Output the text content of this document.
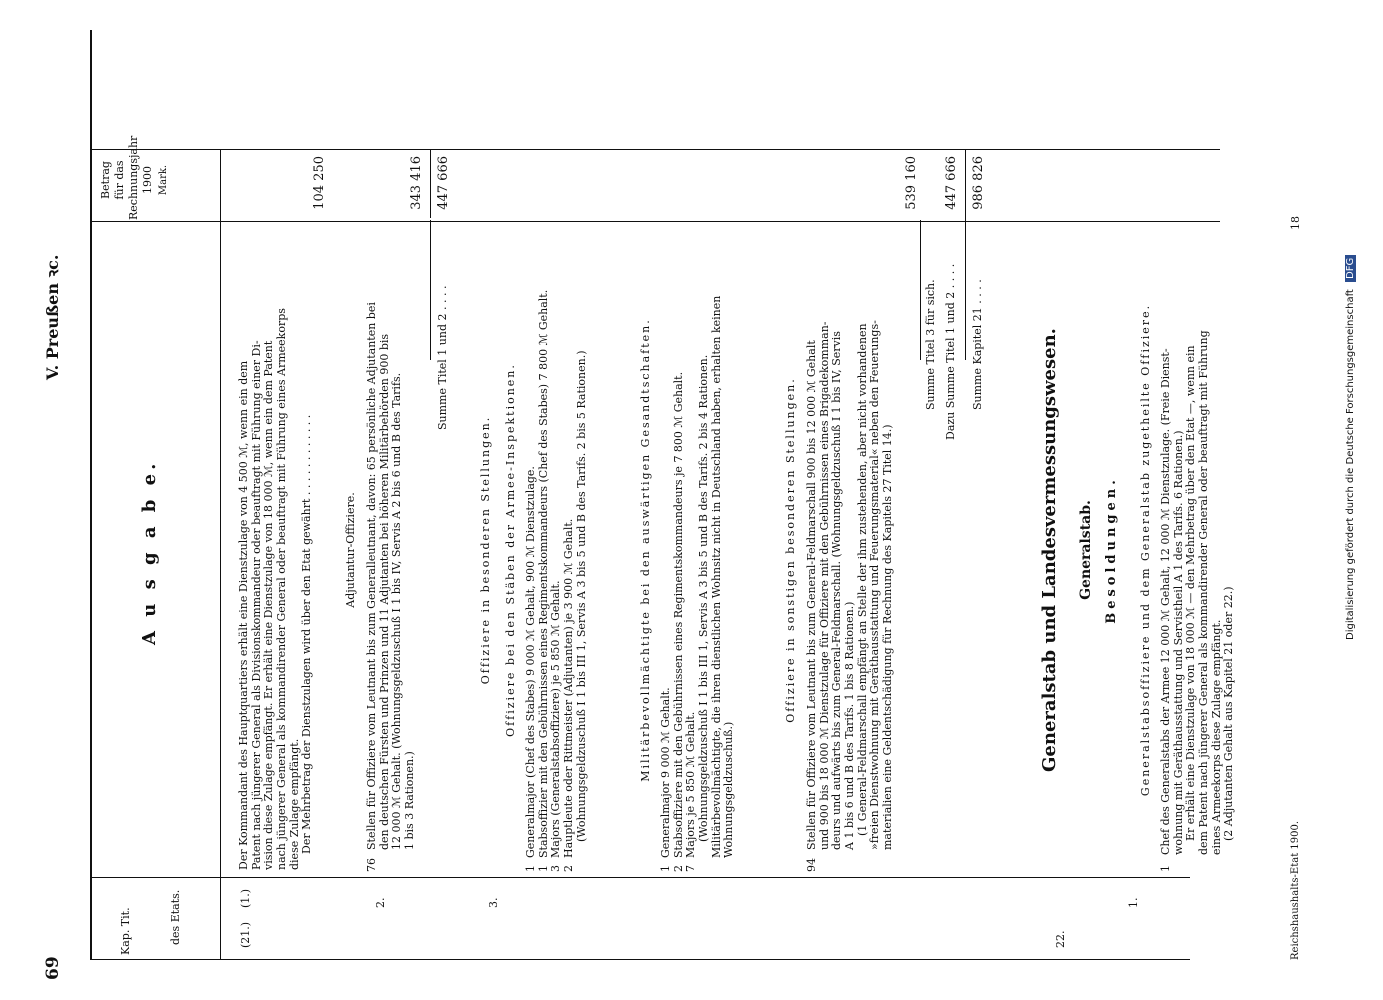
69
V. Preußen ꝛc.
A u s g a b e.
Kap. Tit.	des Etats.
Betrag für das Rechnungsjahr 1900 Mark.
(21.)
(1.)
Der Kommandant des Hauptquartiers erhält eine Dienstzulage von 4 500 ℳ, wenn ein dem Patent nach jüngerer General als Divisionskommandeur oder beauftragt mit Führung einer Di- vision diese Zulage empfängt. Er erhält eine Dienstzulage von 18 000 ℳ, wenn ein dem Patent nach jüngerer General als kommandirender General oder beauftragt mit Führung eines Armeekorps diese Zulage empfängt. Der Mehrbetrag der Dienstzulagen wird über den Etat gewährt . . . . . . . . . . . .
104 250
Adjutantur-Offiziere.
2.
76
Stellen für Offiziere vom Leutnant bis zum Generalleutnant, davon: 65 persönliche Adjutanten bei den deutschen Fürsten und Prinzen und 11 Adjutanten bei höheren Militärbehörden 900 bis 12 000 ℳ Gehalt. (Wohnungsgeldzuschuß I 1 bis IV, Servis A 2 bis 6 und B des Tarifs. 1 bis 3 Rationen.)
343 416
Summe Titel 1 und 2 . . . .
447 666
Offiziere in besonderen Stellungen.
3.
Offiziere bei den Stäben der Armee-Inspektionen.
1Generalmajor (Chef des Stabes) 9 000 ℳ Gehalt, 900 ℳ Dienstzulage.
1Stabsoffizier mit den Gebührnissen eines Regimentskommandeurs (Chef des Stabes) 7 800 ℳ Gehalt.
3Majors (Generalstabsoffiziere) je 5 850 ℳ Gehalt.
2Hauptleute oder Rittmeister (Adjutanten) je 3 900 ℳ Gehalt. (Wohnungsgeldzuschuß I 1 bis III 1, Servis A 3 bis 5 und B des Tarifs. 2 bis 5 Rationen.)	Militärbevollmächtigte bei den auswärtigen Gesandtschaften.
1Generalmajor 9 000 ℳ Gehalt.
2Stabsoffiziere mit den Gebührnissen eines Regimentskommandeurs je 7 800 ℳ Gehalt.
7Majors je 5 850 ℳ Gehalt. (Wohnungsgeldzuschuß I 1 bis III 1, Servis A 3 bis 5 und B des Tarifs. 2 bis 4 Rationen. Militärbevollmächtigte, die ihren dienstlichen Wohnsitz nicht in Deutschland haben, erhalten keinen Wohnungsgeldzuschuß.)
Offiziere in sonstigen besonderen Stellungen.
94
Stellen für Offiziere vom Leutnant bis zum General-Feldmarschall 900 bis 12 000 ℳ Gehalt und 900 bis 18 000 ℳ Dienstzulage für Offiziere mit den Gebührnissen eines Brigadekomman- deurs und aufwärts bis zum General-Feldmarschall. (Wohnungsgeldzuschuß I 1 bis IV, Servis A 1 bis 6 und B des Tarifs. 1 bis 8 Rationen.) (1 General-Feldmarschall empfängt an Stelle der ihm zustehenden, aber nicht vorhandenen »freien Dienstwohnung mit Geräthausstattung und Feuerungsmaterial« neben den Feuerungs- materialien eine Geldentschädigung für Rechnung des Kapitels 27 Titel 14.)
539 160
Summe Titel 3 für sich. Dazu Summe Titel 1 und 2 . . . .
447 666
Summe Kapitel 21 . . . .
986 826
Generalstab und Landesvermessungswesen. Generalstab. Besoldungen. Generalstabsoffiziere und dem Generalstab zugetheilte Offiziere.
22.
1.
1
Chef des Generalstabs der Armee 12 000 ℳ Gehalt, 12 000 ℳ Dienstzulage. (Freie Dienst- wohnung mit Geräthausstattung und Servistheil A 1 des Tarifs. 6 Rationen.) Er erhält eine Dienstzulage von 18 000 ℳ — den Mehrbetrag über den Etat —, wenn ein dem Patent nach jüngerer General als kommandirender General oder beauftragt mit Führung eines Armeekorps diese Zulage empfängt. (2 Adjutanten Gehalt aus Kapitel 21 oder 22.)
Reichshaushalts-Etat 1900.
18
Digitalisierung gefördert durch die Deutsche Forschungsgemeinschaft DFG
